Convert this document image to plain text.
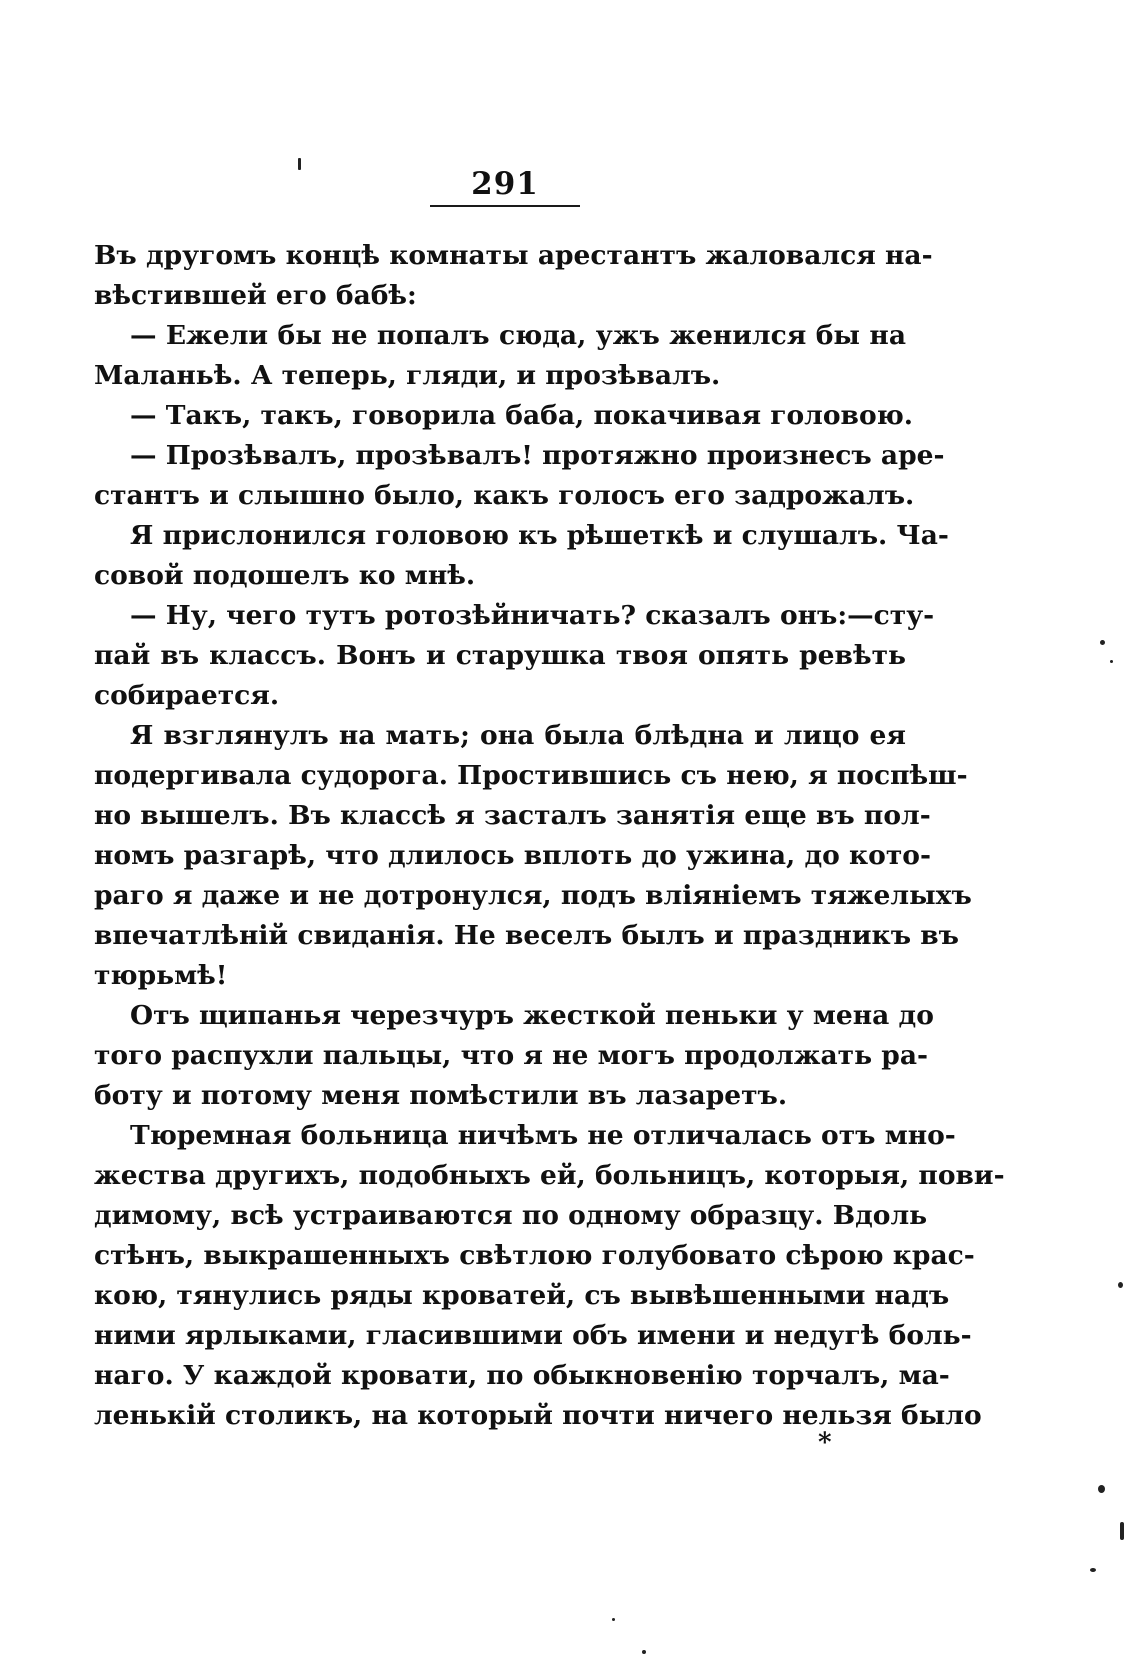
291
Въ другомъ концѣ комнаты арестантъ жаловался на-
вѣстившей его бабѣ:
— Ежели бы не попалъ сюда, ужъ женился бы на
Маланьѣ. А теперь, гляди, и прозѣвалъ.
— Такъ, такъ, говорила баба, покачивая головою.
— Прозѣвалъ, прозѣвалъ! протяжно произнесъ аре-
стантъ и слышно было, какъ голосъ его задрожалъ.
Я прислонился головою къ рѣшеткѣ и слушалъ. Ча-
совой подошелъ ко мнѣ.
— Ну, чего тутъ ротозѣйничать? сказалъ онъ:—сту-
пай въ классъ. Вонъ и старушка твоя опять ревѣть
собирается.
Я взглянулъ на мать; она была блѣдна и лицо ея
подергивала судорога. Простившись съ нею, я поспѣш-
но вышелъ. Въ классѣ я засталъ занятія еще въ пол-
номъ разгарѣ, что длилось вплоть до ужина, до кото-
раго я даже и не дотронулся, подъ вліяніемъ тяжелыхъ
впечатлѣній свиданія. Не веселъ былъ и праздникъ въ
тюрьмѣ!
Отъ щипанья черезчуръ жесткой пеньки у мена до
того распухли пальцы, что я не могъ продолжать ра-
боту и потому меня помѣстили въ лазаретъ.
Тюремная больница ничѣмъ не отличалась отъ мно-
жества другихъ, подобныхъ ей, больницъ, которыя, пови-
димому, всѣ устраиваются по одному образцу. Вдоль
стѣнъ, выкрашенныхъ свѣтлою голубовато сѣрою крас-
кою, тянулись ряды кроватей, съ вывѣшенными надъ
ними ярлыками, гласившими объ имени и недугѣ боль-
наго. У каждой кровати, по обыкновенію торчалъ, ма-
ленькій столикъ, на который почти ничего нельзя было
*
